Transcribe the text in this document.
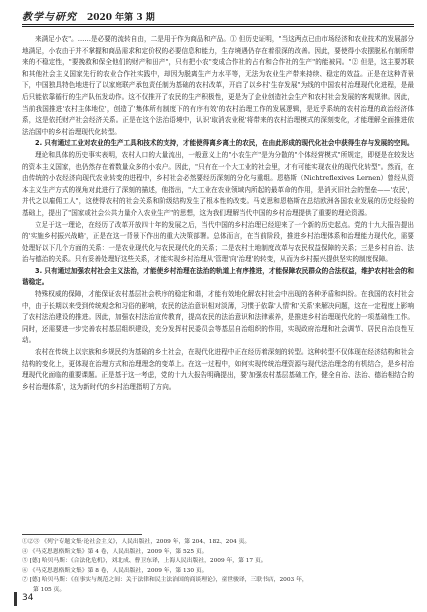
教学与研究 2020 年第 3 期

来满足小农"。……是必要的流转自由，二是用于作为商品和产品。① 但历史证明，"当这两点已由市场经济和农业技术的发展部分地满足，小农由于并不掌握和商品需求和定价权的必要信息和能力，生存境遇仍存在着很深的改善。因此，要使得小农摆脱私有制所带来的不稳定性，"要挽救和保全他们的财产和田产"，只有把小农"变成合作社的占有和合作社的生产"的能被同。"② 但是，这主要苏联和其他社会主义国家先行的农业合作社实践中，却因为脱离生产力水平等，无法为农业生产带来持续、稳定的效益。正是在这种背景下，中国独具特色地进行了以家庭联产承包责任制为基础的农村改革，开启了以乡村'生存发展"为线的中国农村治理现代化进程，是最后只能依靠循行的生产队伍发动作。这不仅推开了农民的生产积极性，更是为了企业创造社会生产和农村社会发展的客观规律。因此，当前我国推进'农村主体地位'，创造了'集体所有制度下的有序有效'的农村治理工作的发展逻辑，是近乎系统的农村治理的政治经济体系，这是依托财产社会经济关系。正是在这个法治语境中，认识'取消农业税'将带来的农村治理模式的深刻变化，才能理解全面推进依法治国中的乡村治理现代化转型。

2. 只有通过工业对农业的生产工具和技术的支持，才能使得离乡离土的农民，在由此形成的现代化社会中获得生存与发展的空间。

理论和具体的历史事实表明，农村人口的大量流出，一般意义上的"小农生产"是为分散的"个体经营模式"所规定，即便是在较发达的资本主义国家，也仍然存在着数量众多的小农户。因此，"只有在一个大工业的社会里，才有可能实现农业的现代化转型"。然而，在由传统的小农经济向现代农业转变的进程中，乡村社会必然要经历深刻的分化与重组。恩格斯（Nichtreflexives Lernen）曾经从资本主义生产方式的视角对此进行了深刻的描述，他指出，"大工业在农业领域内所起的最革命的作用，是消灭旧社会的堡垒——'农民'，并代之以雇佣工人"，这使得农村的社会关系和阶级结构发生了根本性的改变。马克思和恩格斯在总结欧洲各国农业发展的历史经验的基础上，提出了"国家或社会公共力量介入农业生产"的思想，这为我们理解当代中国的乡村治理提供了重要的理论资源。

立足于这一理论，在经历了改革开放四十年的发展之后，当代中国的乡村治理已经迎来了一个新的历史起点。党的十九大报告提出的'实施乡村振兴战略'，正是在这一背景下作出的重大决策部署。总体而言，在当前阶段，推进乡村治理体系和治理能力现代化，需要处理好以下几个方面的关系：一是农业现代化与农民现代化的关系；二是农村土地制度改革与农民权益保障的关系；三是乡村自治、法治与德治的关系。只有妥善处理好这些关系，才能实现乡村治理从'管理'向'治理'的转变，从而为乡村振兴提供坚实的制度保障。

3. 只有通过加强农村社会主义法治，才能使乡村治理在法治的轨道上有序推进，才能保障农民群众的合法权益，维护农村社会的和谐稳定。

特殊权威的保障，才能保证农村基层社会秩序的稳定和谐，才能有效地化解农村社会中出现的各种矛盾和纠纷。在我国的农村社会中，由于长期以来受到传统观念和习俗的影响，农民的法治意识相对淡薄，习惯于依靠'人情'和'关系'来解决问题，这在一定程度上影响了农村法治建设的推进。因此，加强农村法治宣传教育，提高农民的法治意识和法律素养，是推进乡村治理现代化的一项基础性工作。同时，还需要进一步完善农村基层组织建设，充分发挥村民委员会等基层自治组织的作用，实现政府治理和社会调节、居民自治良性互动。

农村在传统上以宗族和乡规民约为基础的乡土社会，在现代化进程中正在经历着深刻的转型。这种转型不仅体现在经济结构和社会结构的变化上，更体现在治理方式和治理理念的变革上。在这一过程中，如何实现传统治理资源与现代法治理念的有机结合，是乡村治理现代化面临的重要课题。正是基于这一考虑，党的十九大报告明确提出，要'加强农村基层基础工作，健全自治、法治、德治相结合的乡村治理体系'，这为新时代的乡村治理指明了方向。

①②③ 《列宁专题文集·论社会主义》，人民出版社，2009 年，第 204、182、204 页。
④ 《马克思恩格斯文集》第 4 卷，人民出版社，2009 年，第 525 页。
⑤ [德] 哈贝马斯：《合法化危机》，刘北成、曹卫东译，上海人民出版社，2009 年，第 17 页。
⑥ 《马克思恩格斯文集》第 8 卷，人民出版社，2009 年，第 130 页。
⑦ [德] 哈贝马斯：《在事实与规范之间：关于法律和民主法治国的商谈理论》，童世骏译，三联书店，2003 年，
第 105 页。
34
